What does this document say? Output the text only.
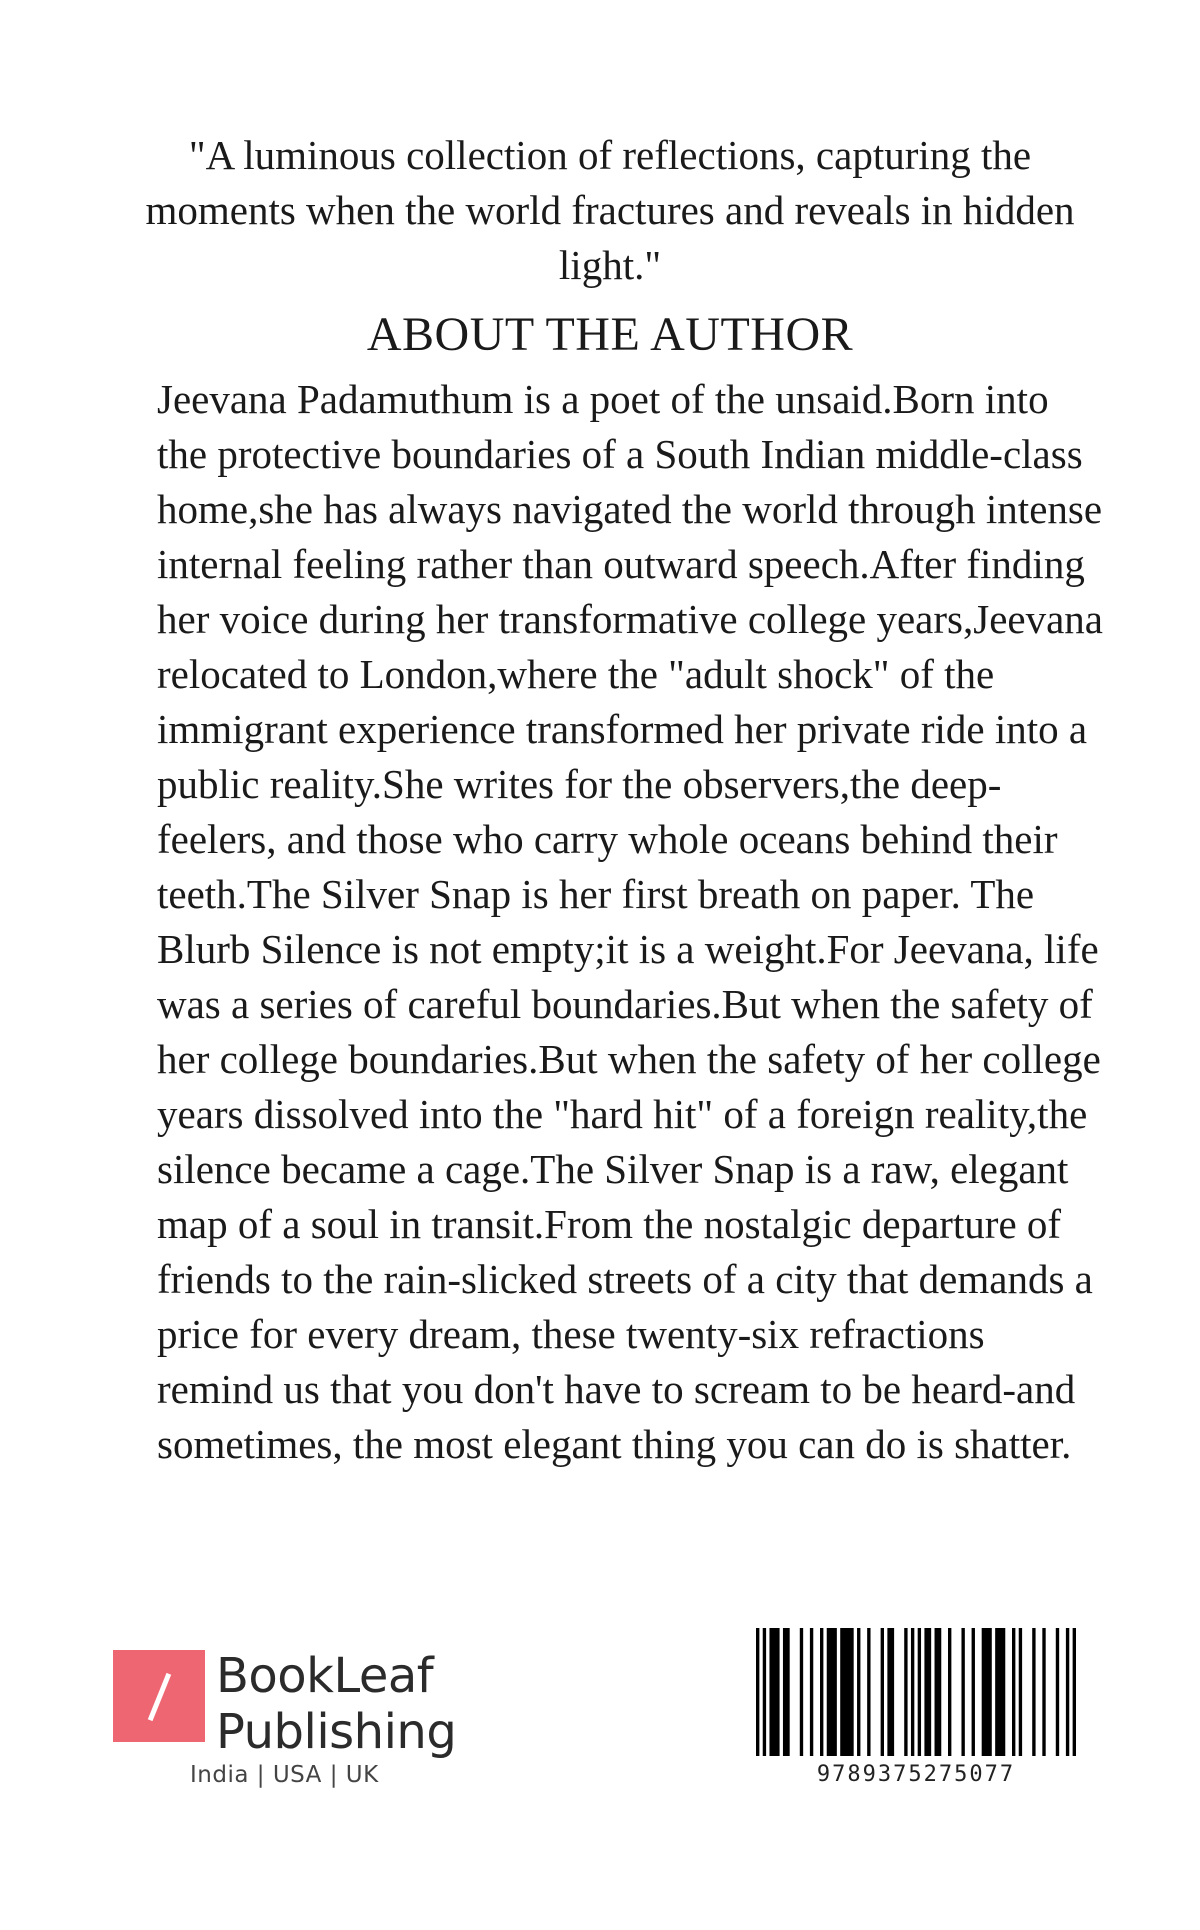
"A luminous collection of reflections, capturing the moments when the world fractures and reveals in hidden light."
ABOUT THE AUTHOR

Jeevana Padamuthum is a poet of the unsaid.Born into the protective boundaries of a South Indian middle-class home,she has always navigated the world through intense internal feeling rather than outward speech.After finding her voice during her transformative college years,Jeevana relocated to London,where the "adult shock" of the immigrant experience transformed her private ride into a public reality.She writes for the observers,the deep-feelers, and those who carry whole oceans behind their teeth.The Silver Snap is her first breath on paper. The Blurb Silence is not empty;it is a weight.For Jeevana, life was a series of careful boundaries.But when the safety of her college boundaries.But when the safety of her college years dissolved into the "hard hit" of a foreign reality,the silence became a cage.The Silver Snap is a raw, elegant map of a soul in transit.From the nostalgic departure of friends to the rain-slicked streets of a city that demands a price for every dream, these twenty-six refractions remind us that you don't have to scream to be heard-and sometimes, the most elegant thing you can do is shatter.

BookLeaf
Publishing
India | USA | UK	9789375275077
